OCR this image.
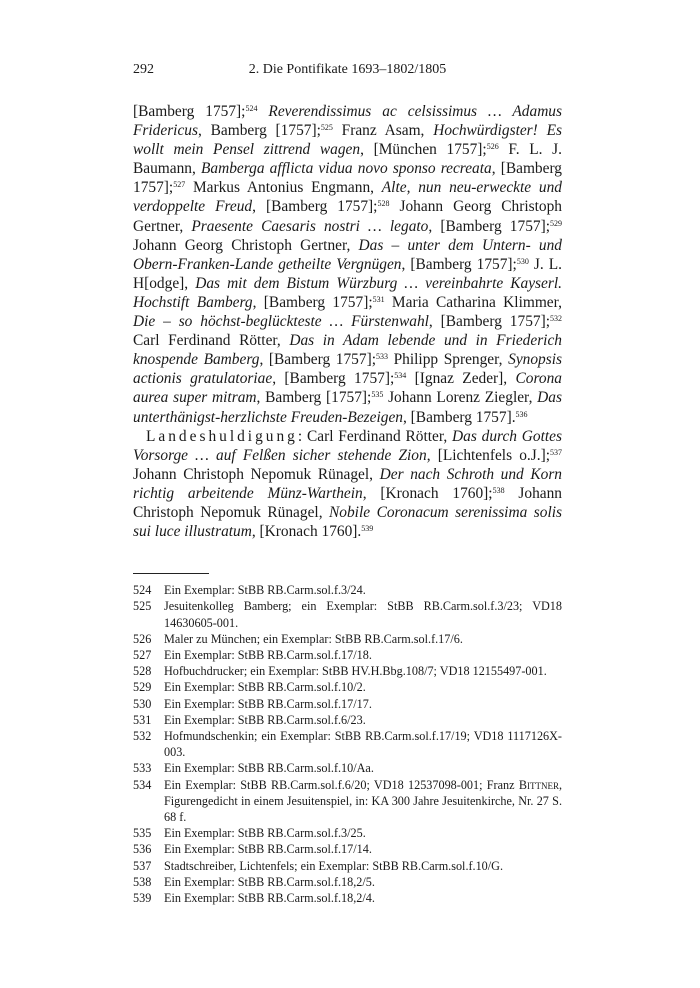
292	2. Die Pontifikate 1693–1802/1805

[Bamberg 1757];$^{524}$ Reverendissimus ac celsissimus … Adamus Fridericus, Bamberg [1757];$^{525}$ Franz Asam, Hochwürdigster! Es wollt mein Pensel zittrend wagen, [München 1757];$^{526}$ F. L. J. Baumann, Bamberga afflicta vidua novo sponso recreata, [Bamberg 1757];$^{527}$ Markus Antonius Engmann, Alte, nun neu-erweckte und verdoppelte Freud, [Bamberg 1757];$^{528}$ Johann Georg Christoph Gertner, Praesente Caesaris nostri … legato, [Bamberg 1757];$^{529}$ Johann Georg Christoph Gertner, Das – unter dem Untern- und Obern-Franken-Lande getheilte Vergnügen, [Bamberg 1757];$^{530}$ J. L. H[odge], Das mit dem Bistum Würzburg … vereinbahrte Kayserl. Hochstift Bamberg, [Bamberg 1757];$^{531}$ Maria Catharina Klimmer, Die – so höchst-beglückteste … Fürstenwahl, [Bamberg 1757];$^{532}$ Carl Ferdinand Rötter, Das in Adam lebende und in Friederich knospende Bamberg, [Bamberg 1757];$^{533}$ Philipp Sprenger, Synopsis actionis gratulatoriae, [Bamberg 1757];$^{534}$ [Ignaz Zeder], Corona aurea super mitram, Bamberg [1757];$^{535}$ Johann Lorenz Ziegler, Das unterthänigst-herzlichste Freuden-Bezeigen, [Bamberg 1757].$^{536}$

Landeshuldigung: Carl Ferdinand Rötter, Das durch Gottes Vorsorge … auf Felßen sicher stehende Zion, [Lichtenfels o.J.];$^{537}$ Johann Christoph Nepomuk Rünagel, Der nach Schroth und Korn richtig arbeitende Münz-Warthein, [Kronach 1760];$^{538}$ Johann Christoph Nepomuk Rünagel, Nobile Coronacum serenissima solis sui luce illustratum, [Kronach 1760].$^{539}$

524	Ein Exemplar: StBB RB.Carm.sol.f.3/24.
525	Jesuitenkolleg Bamberg; ein Exemplar: StBB RB.Carm.sol.f.3/23; VD18 14630605-001.
526	Maler zu München; ein Exemplar: StBB RB.Carm.sol.f.17/6.
527	Ein Exemplar: StBB RB.Carm.sol.f.17/18.
528	Hofbuchdrucker; ein Exemplar: StBB HV.H.Bbg.108/7; VD18 12155497-001.
529	Ein Exemplar: StBB RB.Carm.sol.f.10/2.
530	Ein Exemplar: StBB RB.Carm.sol.f.17/17.
531	Ein Exemplar: StBB RB.Carm.sol.f.6/23.
532	Hofmundschenkin; ein Exemplar: StBB RB.Carm.sol.f.17/19; VD18 1117126X-003.
533	Ein Exemplar: StBB RB.Carm.sol.f.10/Aa.
534	Ein Exemplar: StBB RB.Carm.sol.f.6/20; VD18 12537098-001; Franz Bittner, Figurengedicht in einem Jesuitenspiel, in: KA 300 Jahre Jesuitenkirche, Nr. 27 S. 68 f.
535	Ein Exemplar: StBB RB.Carm.sol.f.3/25.
536	Ein Exemplar: StBB RB.Carm.sol.f.17/14.
537	Stadtschreiber, Lichtenfels; ein Exemplar: StBB RB.Carm.sol.f.10/G.
538	Ein Exemplar: StBB RB.Carm.sol.f.18,2/5.
539	Ein Exemplar: StBB RB.Carm.sol.f.18,2/4.
